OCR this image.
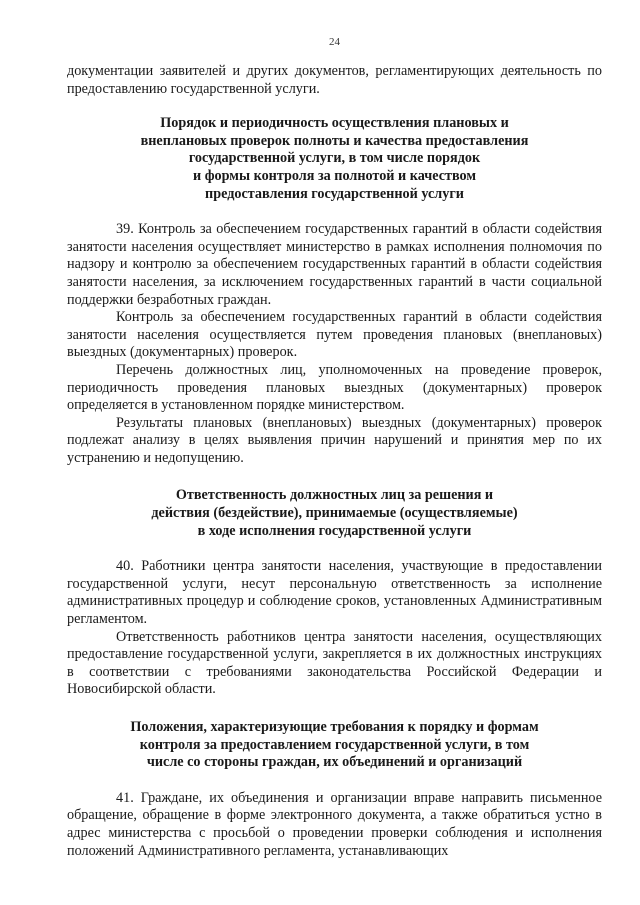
24

документации заявителей и других документов, регламентирующих деятельность по предоставлению государственной услуги.

Порядок и периодичность осуществления плановых и
внеплановых проверок полноты и качества предоставления
государственной услуги, в том числе порядок
и формы контроля за полнотой и качеством
предоставления государственной услуги

39. Контроль за обеспечением государственных гарантий в области содействия занятости населения осуществляет министерство в рамках исполнения полномочия по надзору и контролю за обеспечением государственных гарантий в области содействия занятости населения, за исключением государственных гарантий в части социальной поддержки безработных граждан.

Контроль за обеспечением государственных гарантий в области содействия занятости населения осуществляется путем проведения плановых (внеплановых) выездных (документарных) проверок.

Перечень должностных лиц, уполномоченных на проведение проверок, периодичность проведения плановых выездных (документарных) проверок определяется в установленном порядке министерством.

Результаты плановых (внеплановых) выездных (документарных) проверок подлежат анализу в целях выявления причин нарушений и принятия мер по их устранению и недопущению.

Ответственность должностных лиц за решения и
действия (бездействие), принимаемые (осуществляемые)
в ходе исполнения государственной услуги

40. Работники центра занятости населения, участвующие в предоставлении государственной услуги, несут персональную ответственность за исполнение административных процедур и соблюдение сроков, установленных Административным регламентом.

Ответственность работников центра занятости населения, осуществляющих предоставление государственной услуги, закрепляется в их должностных инструкциях в соответствии с требованиями законодательства Российской Федерации и Новосибирской области.

Положения, характеризующие требования к порядку и формам
контроля за предоставлением государственной услуги, в том
числе со стороны граждан, их объединений и организаций

41. Граждане, их объединения и организации вправе направить письменное обращение, обращение в форме электронного документа, а также обратиться устно в адрес министерства с просьбой о проведении проверки соблюдения и исполнения положений Административного регламента, устанавливающих
